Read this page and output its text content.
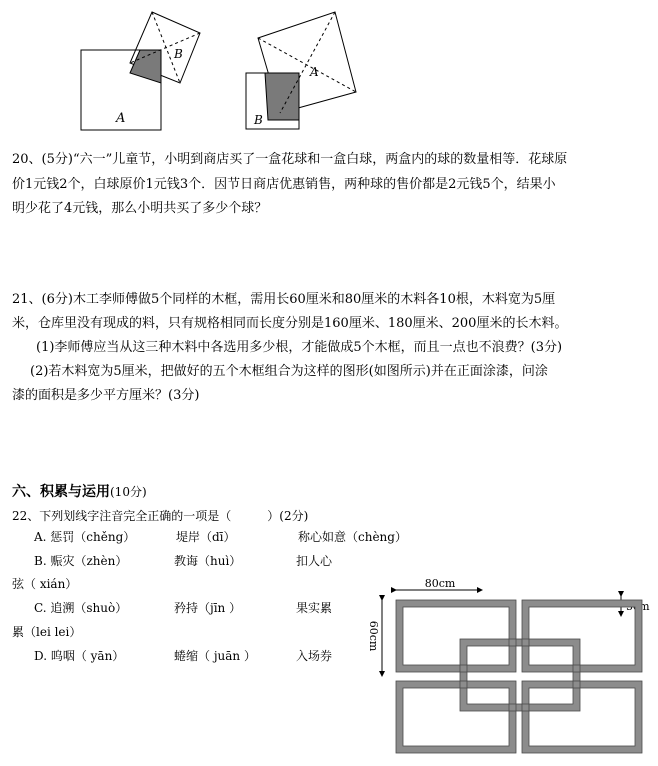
A
B
A
B
20、(5分)“六一”儿童节，小明到商店买了一盒花球和一盒白球，两盒内的球的数量相等．花球原
价1元钱2个，白球原价1元钱3个．因节日商店优惠销售，两种球的售价都是2元钱5个，结果小
明少花了4元钱，那么小明共买了多少个球？
21、(6分)木工李师傅做5个同样的木框，需用长60厘米和80厘米的木料各10根，木料宽为5厘
米，仓库里没有现成的料，只有规格相同而长度分别是160厘米、180厘米、200厘米的长木料。
(1)李师傅应当从这三种木料中各选用多少根，才能做成5个木框，而且一点也不浪费？(3分)
(2)若木料宽为5厘米，把做好的五个木框组合为这样的图形(如图所示)并在正面涂漆，问涂
漆的面积是多少平方厘米？(3分)
六、积累与运用(10分)
22、下列划线字注音完全正确的一项是（　　　）(2分)
A. 惩罚（chěng）	堤岸（dī）	称心如意（chèng）
B. 赈灾（zhèn）	教诲（huì）	扣人心
弦（ xián）
C. 追溯（shuò）	矜持（jīn ）	果实累
累（lei lei）
D. 呜咽（ yān）	蜷缩（ juān ）	入场券
80cm
60cm
5cm
